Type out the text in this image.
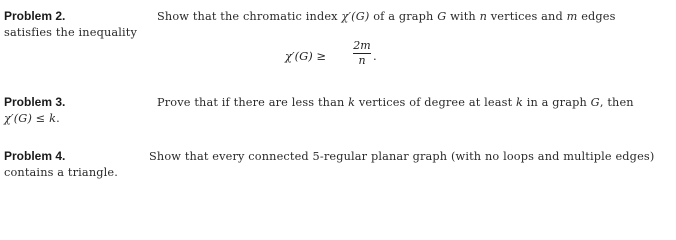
Problem 2.	Show that the chromatic index χ′(G) of a graph G with n vertices and m edges
satisfies the inequality
χ′(G) ≥
2m
n .
Problem 3.	Prove that if there are less than k vertices of degree at least k in a graph G, then
χ′(G) ≤ k.
Problem 4.	Show that every connected 5-regular planar graph (with no loops and multiple edges)
contains a triangle.
